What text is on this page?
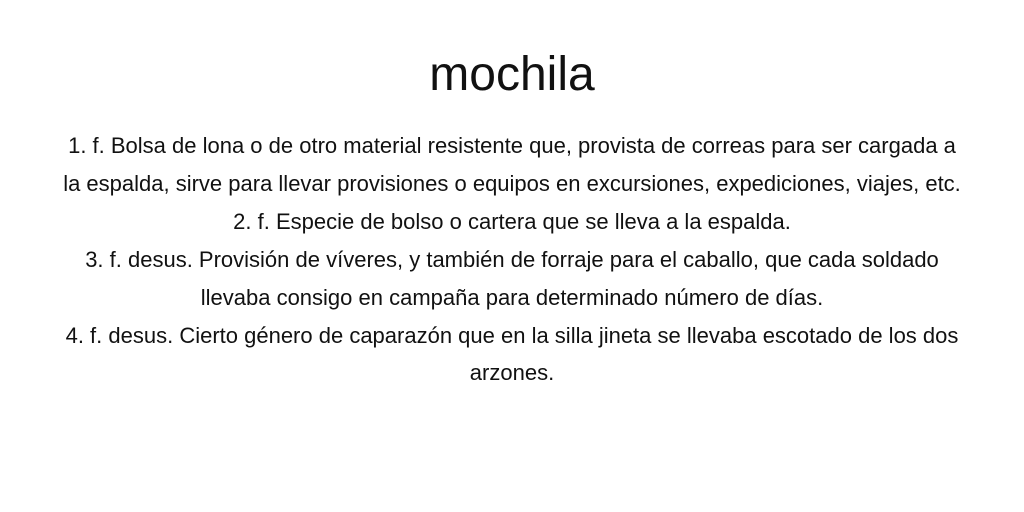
mochila
1. f. Bolsa de lona o de otro material resistente que, provista de correas para ser cargada a la espalda, sirve para llevar provisiones o equipos en excursiones, expediciones, viajes, etc.
2. f. Especie de bolso o cartera que se lleva a la espalda.
3. f. desus. Provisión de víveres, y también de forraje para el caballo, que cada soldado llevaba consigo en campaña para determinado número de días.
4. f. desus. Cierto género de caparazón que en la silla jineta se llevaba escotado de los dos arzones.
